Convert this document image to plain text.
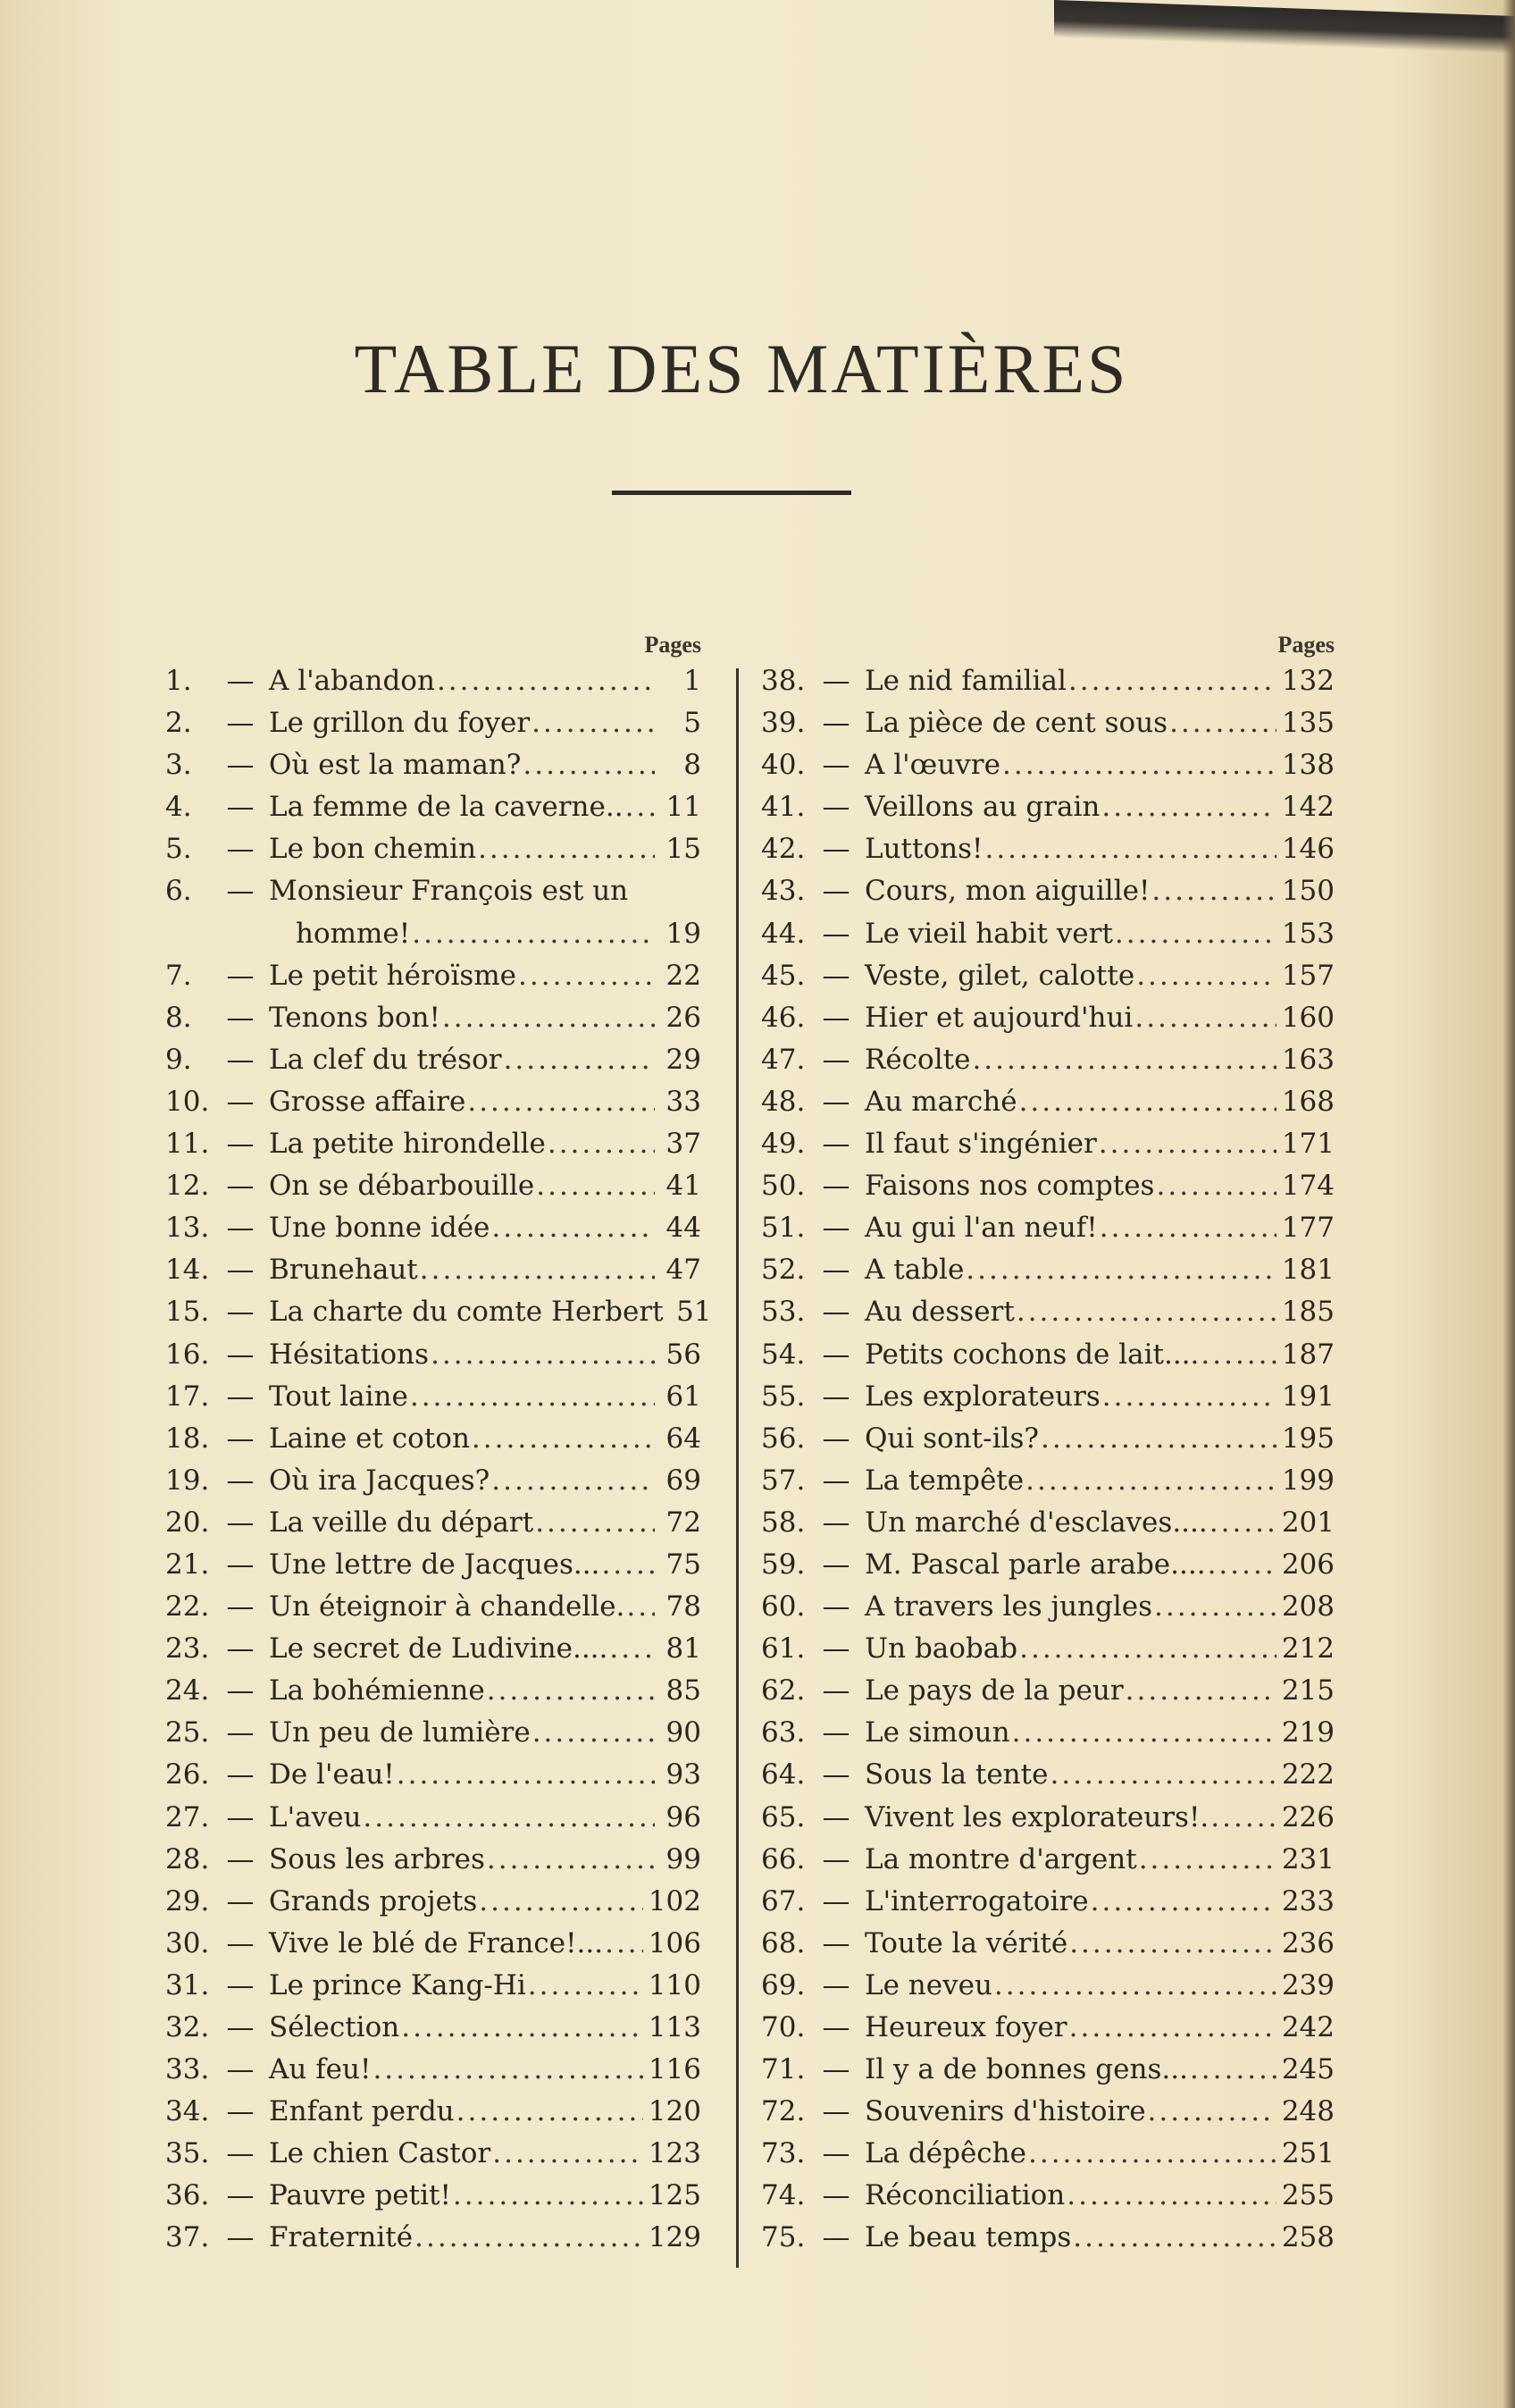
TABLE DES MATIÈRES
Pages
1.	— A l'abandon .....	1
2.	— Le grillon du foyer .....	5
3.	— Où est la maman? .....	8
4.	— La femme de la caverne.. ..... 11
5.	— Le bon chemin .....	15
6.	— Monsieur François est un
homme! .....	19
7.	— Le petit héroïsme .....	22
8.	— Tenons bon! .....	26
9.	— La clef du trésor .....	29
10. — Grosse affaire .....	33
11. — La petite hirondelle .....	37
12. — On se débarbouille .....	41
13. — Une bonne idée .....	44
14. — Brunehaut .....	47
15. — La charte du comte Herbert 51
16. — Hésitations .....	56
17. — Tout laine .....	61
18. — Laine et coton .....	64
19. — Où ira Jacques? .....	69
20. — La veille du départ .....	72
21. — Une lettre de Jacques... ..... 75
22. — Un éteignoir à chandelle. ..... 78
23. — Le secret de Ludivine.... ..... 81
24. — La bohémienne .....	85
25. — Un peu de lumière .....	90
26. — De l'eau! .....	93
27. — L'aveu .....	96
28. — Sous les arbres .....	99
29. — Grands projets .....	102
30. — Vive le blé de France!... ..... 106
31. — Le prince Kang-Hi .....	110
32. — Sélection .....	113
33. — Au feu! .....	116
34. — Enfant perdu .....	120
35. — Le chien Castor .....	123
36. — Pauvre petit! .....	125
37. — Fraternité .....	129
Pages
38. — Le nid familial .....	132
39. — La pièce de cent sous .....	135
40. — A l'œuvre .....	138
41. — Veillons au grain .....	142
42. — Luttons! .....	146
43. — Cours, mon aiguille! .....	150
44. — Le vieil habit vert .....	153
45. — Veste, gilet, calotte .....	157
46. — Hier et aujourd'hui .....	160
47. — Récolte .....	163
48. — Au marché .....	168
49. — Il faut s'ingénier .....	171
50. — Faisons nos comptes .....	174
51. — Au gui l'an neuf! .....	177
52. — A table .....	181
53. — Au dessert .....	185
54. — Petits cochons de lait.... .....	187
55. — Les explorateurs .....	191
56. — Qui sont-ils? .....	195
57. — La tempête .....	199
58. — Un marché d'esclaves.... .....	201
59. — M. Pascal parle arabe.... .....	206
60. — A travers les jungles .....	208
61. — Un baobab .....	212
62. — Le pays de la peur .....	215
63. — Le simoun .....	219
64. — Sous la tente .....	222
65. — Vivent les explorateurs!. .....	226
66. — La montre d'argent .....	231
67. — L'interrogatoire .....	233
68. — Toute la vérité .....	236
69. — Le neveu .....	239
70. — Heureux foyer .....	242
71. — Il y a de bonnes gens... .....	245
72. — Souvenirs d'histoire .....	248
73. — La dépêche .....	251
74. — Réconciliation .....	255
75. — Le beau temps .....	258
